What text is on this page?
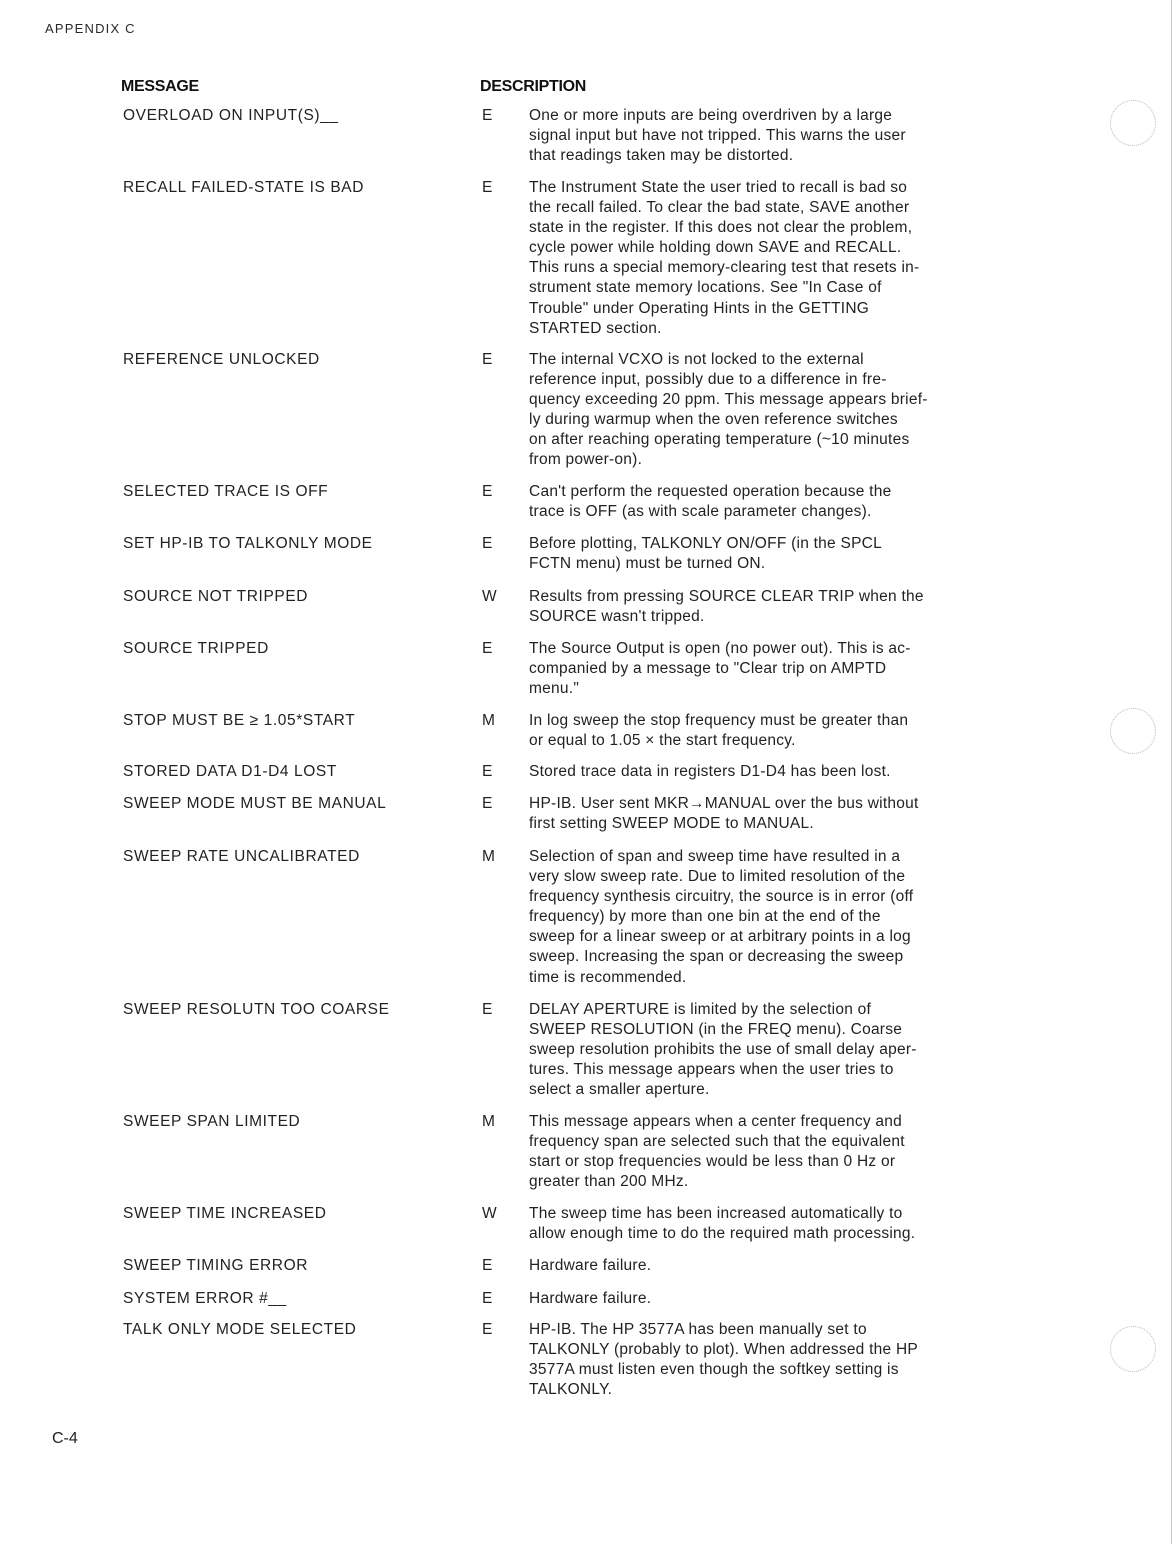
APPENDIX C
MESSAGE	DESCRIPTION
OVERLOAD ON INPUT(S)__	E	One or more inputs are being overdriven by a large
signal input but have not tripped. This warns the user
that readings taken may be distorted.
RECALL FAILED-STATE IS BAD	E	The Instrument State the user tried to recall is bad so
the recall failed. To clear the bad state, SAVE another
state in the register. If this does not clear the problem,
cycle power while holding down SAVE and RECALL.
This runs a special memory-clearing test that resets in-
strument state memory locations. See "In Case of
Trouble" under Operating Hints in the GETTING
STARTED section.
REFERENCE UNLOCKED	E	The internal VCXO is not locked to the external
reference input, possibly due to a difference in fre-
quency exceeding 20 ppm. This message appears brief-
ly during warmup when the oven reference switches
on after reaching operating temperature (~10 minutes
from power-on).
SELECTED TRACE IS OFF	E	Can't perform the requested operation because the
trace is OFF (as with scale parameter changes).
SET HP-IB TO TALKONLY MODE	E	Before plotting, TALKONLY ON/OFF (in the SPCL
FCTN menu) must be turned ON.
SOURCE NOT TRIPPED	W	Results from pressing SOURCE CLEAR TRIP when the
SOURCE wasn't tripped.
SOURCE TRIPPED	E	The Source Output is open (no power out). This is ac-
companied by a message to "Clear trip on AMPTD
menu."
STOP MUST BE ≥ 1.05*START	M	In log sweep the stop frequency must be greater than
or equal to 1.05 × the start frequency.
STORED DATA D1-D4 LOST	E	Stored trace data in registers D1-D4 has been lost.
SWEEP MODE MUST BE MANUAL	E	HP-IB. User sent MKR→MANUAL over the bus without
first setting SWEEP MODE to MANUAL.
SWEEP RATE UNCALIBRATED	M	Selection of span and sweep time have resulted in a
very slow sweep rate. Due to limited resolution of the
frequency synthesis circuitry, the source is in error (off
frequency) by more than one bin at the end of the
sweep for a linear sweep or at arbitrary points in a log
sweep. Increasing the span or decreasing the sweep
time is recommended.
SWEEP RESOLUTN TOO COARSE	E	DELAY APERTURE is limited by the selection of
SWEEP RESOLUTION (in the FREQ menu). Coarse
sweep resolution prohibits the use of small delay aper-
tures. This message appears when the user tries to
select a smaller aperture.
SWEEP SPAN LIMITED	M	This message appears when a center frequency and
frequency span are selected such that the equivalent
start or stop frequencies would be less than 0 Hz or
greater than 200 MHz.
SWEEP TIME INCREASED	W	The sweep time has been increased automatically to
allow enough time to do the required math processing.
SWEEP TIMING ERROR	E	Hardware failure.
SYSTEM ERROR #__	E	Hardware failure.
TALK ONLY MODE SELECTED	E	HP-IB. The HP 3577A has been manually set to
TALKONLY (probably to plot). When addressed the HP
3577A must listen even though the softkey setting is
TALKONLY.
C-4
